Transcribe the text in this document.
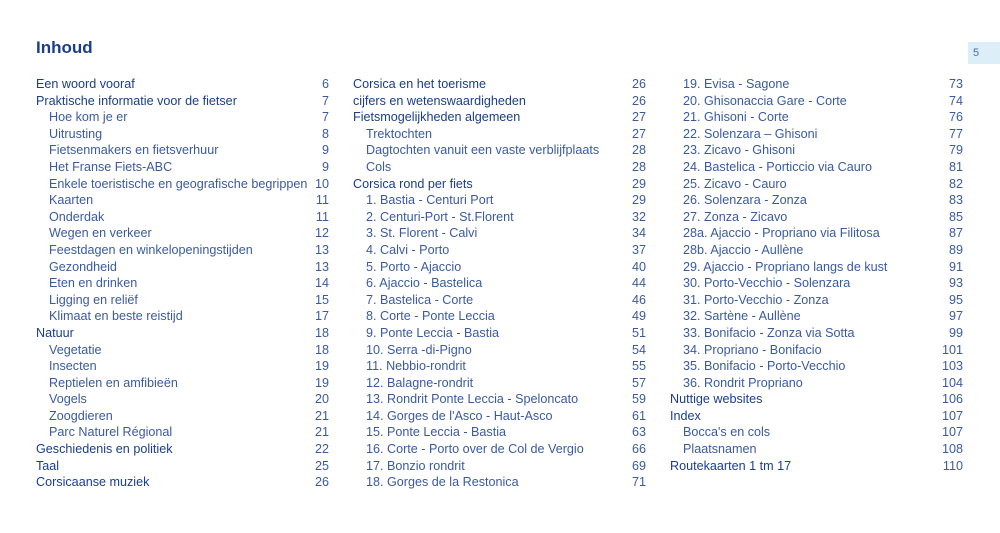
Inhoud	5
Een woord vooraf	6
Praktische informatie voor de fietser	7
Hoe kom je er	7
Uitrusting	8
Fietsenmakers en fietsverhuur	9
Het Franse Fiets-ABC	9
Enkele toeristische en geografische begrippen 10
Kaarten	11
Onderdak	11
Wegen en verkeer	12
Feestdagen en winkelopeningstijden	13
Gezondheid	13
Eten en drinken	14
Ligging en reliëf	15
Klimaat en beste reistijd	17
Natuur	18
Vegetatie	18
Insecten	19
Reptielen en amfibieën	19
Vogels	20
Zoogdieren	21
Parc Naturel Régional	21
Geschiedenis en politiek	22
Taal	25
Corsicaanse muziek	26
Corsica en het toerisme	26
cijfers en wetenswaardigheden	26
Fietsmogelijkheden algemeen	27
Trektochten	27
Dagtochten vanuit een vaste verblijfplaats	28
Cols	28
Corsica rond per fiets	29
1. Bastia - Centuri Port	29
2. Centuri-Port - St.Florent	32
3. St. Florent - Calvi	34
4. Calvi - Porto	37
5. Porto - Ajaccio	40
6. Ajaccio - Bastelica	44
7. Bastelica - Corte	46
8. Corte - Ponte Leccia	49
9. Ponte Leccia - Bastia	51
10. Serra -di-Pigno	54
11. Nebbio-rondrit	55
12. Balagne-rondrit	57
13. Rondrit Ponte Leccia - Speloncato	59
14. Gorges de l'Asco - Haut-Asco	61
15. Ponte Leccia - Bastia	63
16. Corte - Porto over de Col de Vergio	66
17. Bonzio rondrit	69
18. Gorges de la Restonica	71
19. Evisa - Sagone	73
20. Ghisonaccia Gare - Corte	74
21. Ghisoni - Corte	76
22. Solenzara – Ghisoni	77
23. Zicavo - Ghisoni	79
24. Bastelica - Porticcio via Cauro	81
25. Zicavo - Cauro	82
26. Solenzara - Zonza	83
27. Zonza - Zicavo	85
28a. Ajaccio - Propriano via Filitosa	87
28b. Ajaccio - Aullène	89
29. Ajaccio - Propriano langs de kust	91
30. Porto-Vecchio - Solenzara	93
31. Porto-Vecchio - Zonza	95
32. Sartène - Aullène	97
33. Bonifacio - Zonza via Sotta	99
34. Propriano - Bonifacio	101
35. Bonifacio - Porto-Vecchio	103
36. Rondrit Propriano	104
Nuttige websites	106
Index	107
Bocca's en cols	107
Plaatsnamen	108
Routekaarten 1 tm 17	110
